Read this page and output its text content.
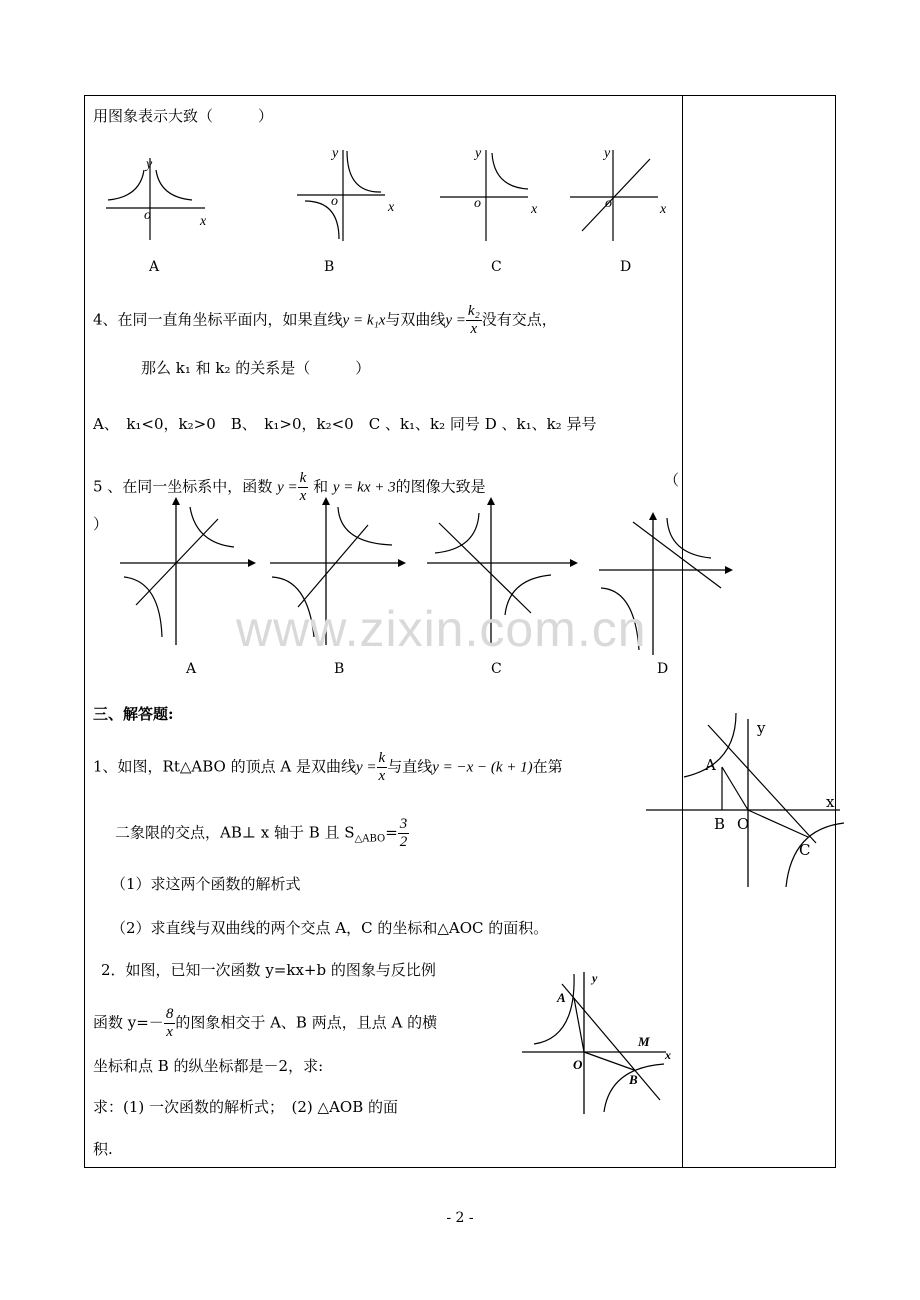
用图象表示大致（　　　）
y
o	x
y
o	x
y
o	x
y
o	x
A	B	C	D
4、在同一直角坐标平面内，如果直线y = k₁x与双曲线$y = \frac{\text{k₂}}{x}$ 没有交点，
那么 k₁ 和 k₂ 的关系是（　　　）
A、　k₁<0，k₂>0　B、　k₁>0，k₂<0　C 、k₁、k₂ 同号 D 、k₁、k₂ 异号
5 、在同一坐标系中，函数 $y = \frac{k}{x}$ 和 y = kx + 3的图像大致是	（
）
A	B	C	D
三、解答题:
1、如图，Rt△ABO 的顶点 A 是双曲线$y = \frac{k}{x}$ 与直线y = −x − (k + 1)在第
二象限的交点，AB⊥ x 轴于 B 且 $S_{\triangle ABO}= \frac{3}{2}$
（1）求这两个函数的解析式
（2）求直线与双曲线的两个交点 A，C 的坐标和△AOC 的面积。
y
x
A
B O
C
2．如图，已知一次函数 y=kx+b 的图象与反比例
函数 $y=- \frac{8}{x}$ 的图象相交于 A、B 两点，且点 A 的横
坐标和点 B 的纵坐标都是－2，求:
求：(1) 一次函数的解析式；　(2) △AOB 的面
积.
y
x
A
B
O
M
www.zixin.com.cn
- 2 -
